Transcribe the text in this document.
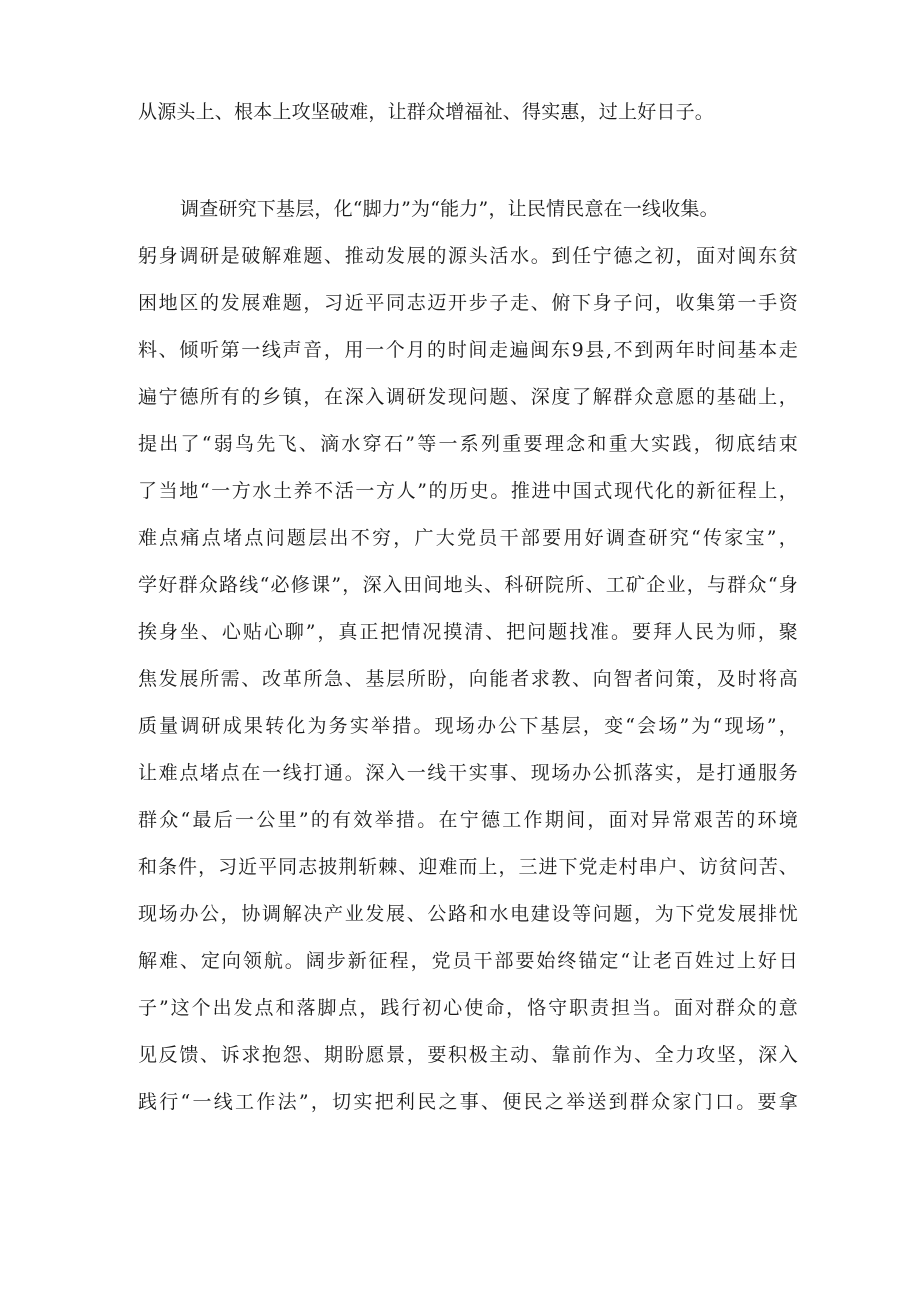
从源头上、根本上攻坚破难，让群众增福祉、得实惠，过上好日子。
调查研究下基层，化“脚力”为“能力”，让民情民意在一线收集。
躬身调研是破解难题、推动发展的源头活水。到任宁德之初，面对闽东贫
困地区的发展难题，习近平同志迈开步子走、俯下身子问，收集第一手资
料、倾听第一线声音，用一个月的时间走遍闽东9县,不到两年时间基本走
遍宁德所有的乡镇，在深入调研发现问题、深度了解群众意愿的基础上，
提出了“弱鸟先飞、滴水穿石”等一系列重要理念和重大实践，彻底结束
了当地“一方水土养不活一方人”的历史。推进中国式现代化的新征程上，
难点痛点堵点问题层出不穷，广大党员干部要用好调查研究“传家宝”，
学好群众路线“必修课”，深入田间地头、科研院所、工矿企业，与群众“身
挨身坐、心贴心聊”，真正把情况摸清、把问题找准。要拜人民为师，聚
焦发展所需、改革所急、基层所盼，向能者求教、向智者问策，及时将高
质量调研成果转化为务实举措。现场办公下基层，变“会场”为“现场”，
让难点堵点在一线打通。深入一线干实事、现场办公抓落实，是打通服务
群众“最后一公里”的有效举措。在宁德工作期间，面对异常艰苦的环境
和条件，习近平同志披荆斩棘、迎难而上，三进下党走村串户、访贫问苦、
现场办公，协调解决产业发展、公路和水电建设等问题，为下党发展排忧
解难、定向领航。阔步新征程，党员干部要始终锚定“让老百姓过上好日
子”这个出发点和落脚点，践行初心使命，恪守职责担当。面对群众的意
见反馈、诉求抱怨、期盼愿景，要积极主动、靠前作为、全力攻坚，深入
践行“一线工作法”，切实把利民之事、便民之举送到群众家门口。要拿
